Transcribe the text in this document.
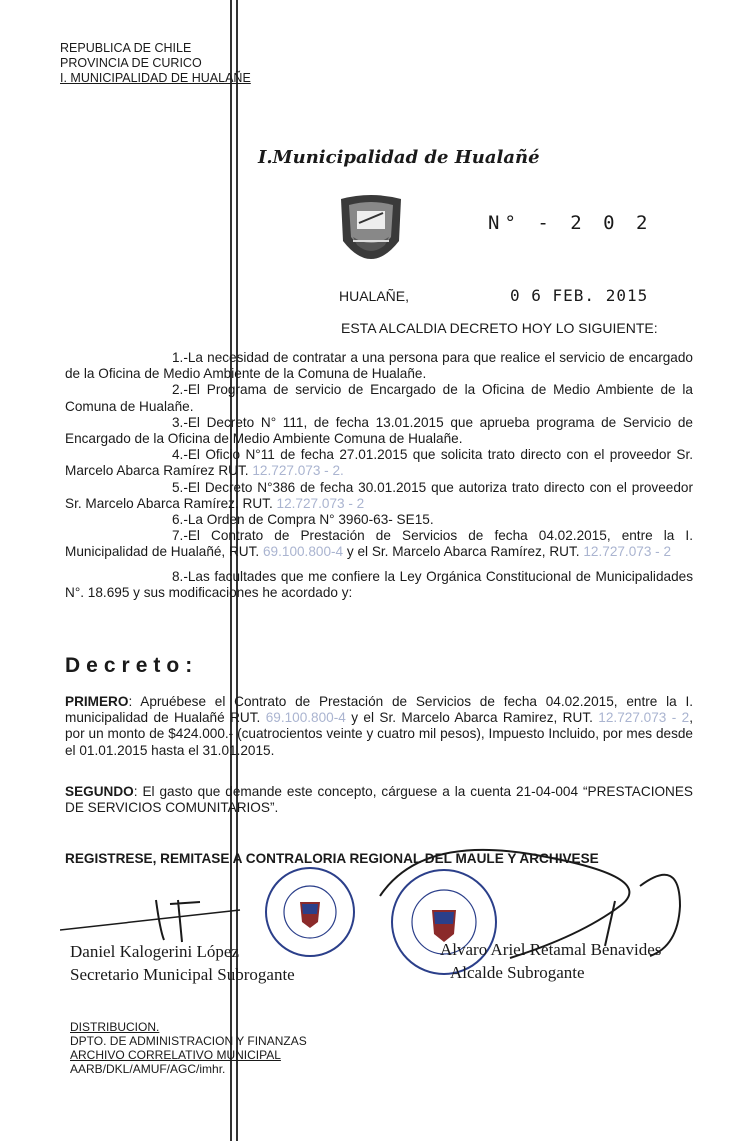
REPUBLICA DE CHILE
PROVINCIA DE CURICO
I. MUNICIPALIDAD DE HUALAÑE
I.Municipalidad de Hualañé
N° - 2 0 2
HUALAÑE,	0 6 FEB. 2015
ESTA ALCALDIA DECRETO HOY LO SIGUIENTE:
1.-La necesidad de contratar a una persona para que realice el servicio de encargado de la Oficina de Medio Ambiente de la Comuna de Hualañe.
2.-El Programa de servicio de Encargado de la Oficina de Medio Ambiente de la Comuna de Hualañe.
3.-El Decreto N° 111, de fecha 13.01.2015 que aprueba programa de Servicio de Encargado de la Oficina de Medio Ambiente Comuna de Hualañe.
4.-El Oficio N°11 de fecha 27.01.2015 que solicita trato directo con el proveedor Sr. Marcelo Abarca Ramírez RUT. 12.727.073 - 2.
5.-El Decreto N°386 de fecha 30.01.2015 que autoriza trato directo con el proveedor Sr. Marcelo Abarca Ramírez, RUT. 12.727.073 - 2
6.-La Orden de Compra N° 3960-63- SE15.
7.-El Contrato de Prestación de Servicios de fecha 04.02.2015, entre la I. Municipalidad de Hualañé, RUT. 69.100.800-4 y el Sr. Marcelo Abarca Ramírez, RUT. 12.727.073 - 2
8.-Las facultades que me confiere la Ley Orgánica Constitucional de Municipalidades N°. 18.695 y sus modificaciones he acordado y:
Decreto:
PRIMERO: Apruébese el Contrato de Prestación de Servicios de fecha 04.02.2015, entre la I. municipalidad de Hualañé RUT. 69.100.800-4 y el Sr. Marcelo Abarca Ramirez, RUT. 12.727.073 - 2, por un monto de $424.000.- (cuatrocientos veinte y cuatro mil pesos), Impuesto Incluido, por mes desde el 01.01.2015 hasta el 31.01.2015.
SEGUNDO: El gasto que demande este concepto, cárguese a la cuenta 21-04-004 “PRESTACIONES DE SERVICIOS COMUNITARIOS”.
REGISTRESE, REMITASE A CONTRALORIA REGIONAL DEL MAULE Y ARCHIVESE
Daniel Kalogerini López
Secretario Municipal Subrogante
Alvaro Ariel Retamal Benavides
Alcalde Subrogante
DISTRIBUCION.
DPTO. DE ADMINISTRACION Y FINANZAS
ARCHIVO CORRELATIVO MUNICIPAL
AARB/DKL/AMUF/AGC/imhr.
